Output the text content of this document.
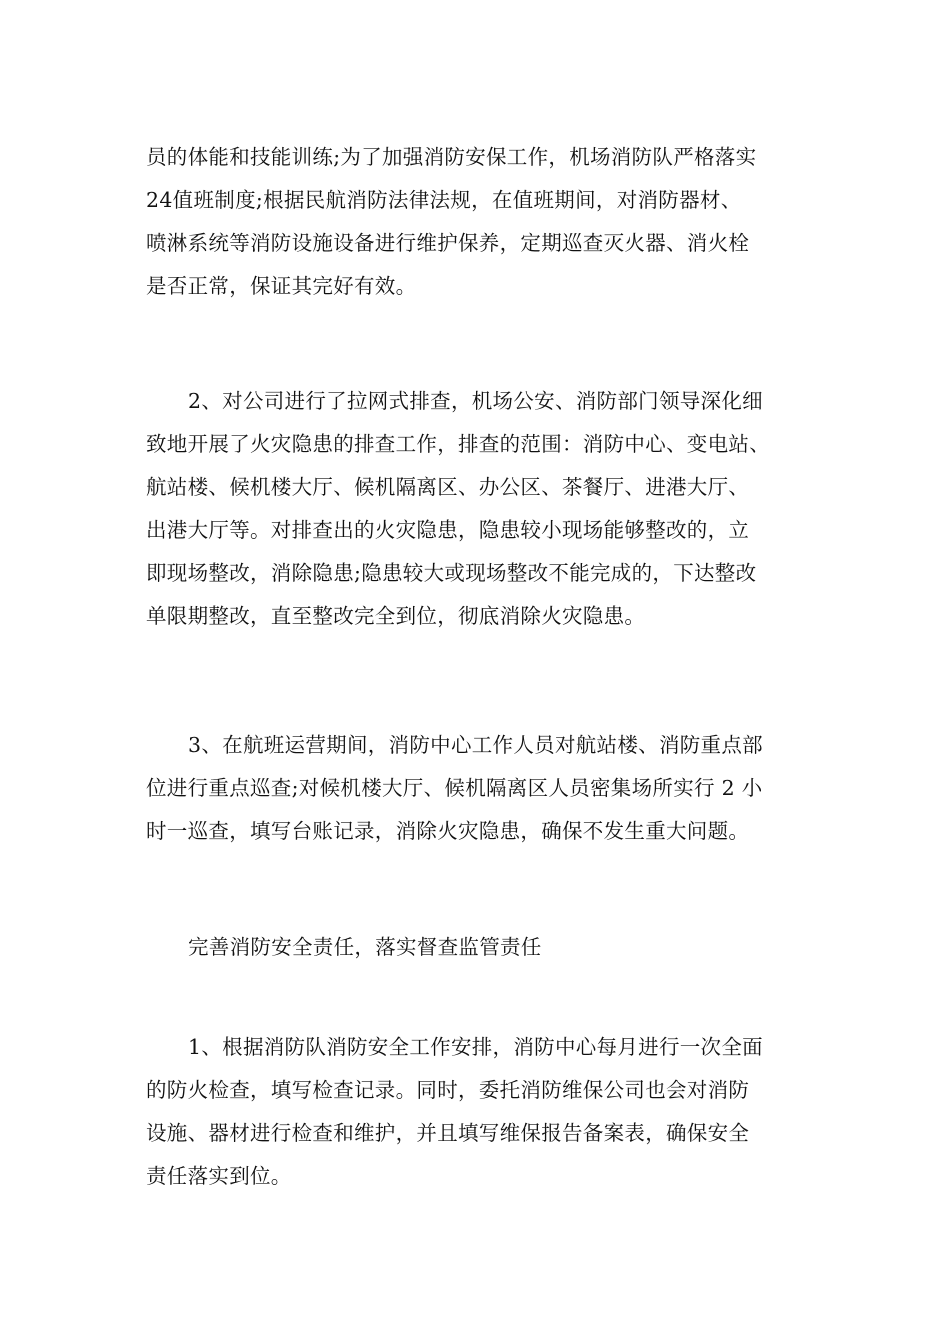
员的体能和技能训练;为了加强消防安保工作，机场消防队严格落实
24值班制度;根据民航消防法律法规，在值班期间，对消防器材、
喷淋系统等消防设施设备进行维护保养，定期巡查灭火器、消火栓
是否正常，保证其完好有效。

2、对公司进行了拉网式排查，机场公安、消防部门领导深化细
致地开展了火灾隐患的排查工作，排查的范围：消防中心、变电站、
航站楼、候机楼大厅、候机隔离区、办公区、茶餐厅、进港大厅、
出港大厅等。对排查出的火灾隐患，隐患较小现场能够整改的，立
即现场整改，消除隐患;隐患较大或现场整改不能完成的，下达整改
单限期整改，直至整改完全到位，彻底消除火灾隐患。

3、在航班运营期间，消防中心工作人员对航站楼、消防重点部
位进行重点巡查;对候机楼大厅、候机隔离区人员密集场所实行 2 小
时一巡查，填写台账记录，消除火灾隐患，确保不发生重大问题。

完善消防安全责任，落实督查监管责任

1、根据消防队消防安全工作安排，消防中心每月进行一次全面
的防火检查，填写检查记录。同时，委托消防维保公司也会对消防
设施、器材进行检查和维护，并且填写维保报告备案表，确保安全
责任落实到位。
